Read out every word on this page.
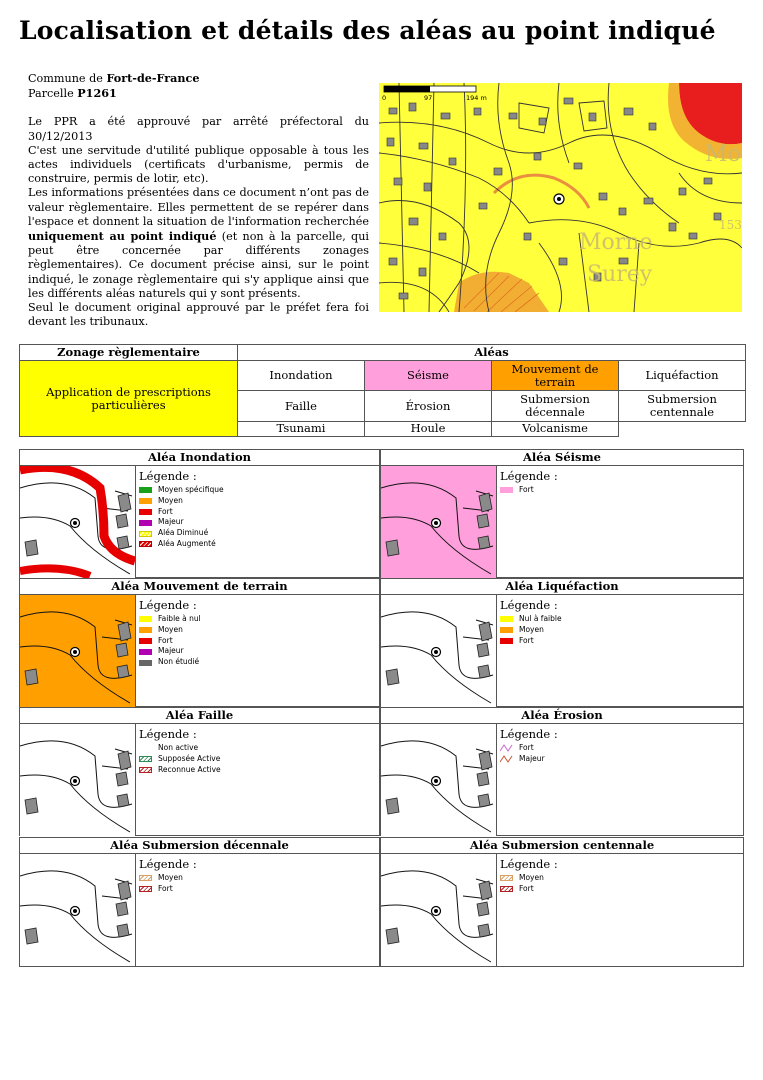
Localisation et détails des aléas au point indiqué

Commune de Fort-de-France

Parcelle P1261

Le PPR a été approuvé par arrêté préfectoral du 30/12/2013

C'est une servitude d'utilité publique opposable à tous les actes individuels (certificats d'urbanisme, permis de construire, permis de lotir, etc).

Les informations présentées dans ce document n’ont pas de valeur règlementaire. Elles permettent de se repérer dans l'espace et donnent la situation de l'information recherchée uniquement au point indiqué (et non à la parcelle, qui peut être concernée par différents zonages règlementaires). Ce document précise ainsi, sur le point indiqué, le zonage règlementaire qui s'y applique ainsi que les différents aléas naturels qui y sont présents.

Seul le document original approuvé par le préfet fera foi devant les tribunaux.

Mo
Morne
Surey
153
0	97	194 m
Zonage règlementaire	Aléas			
Application de prescriptions particulières	Inondation	Séisme	Mouvement de terrain	Liquéfaction
	Faille	Érosion	Submersion décennale	Submersion centennale
	Tsunami	Houle	Volcanisme	
Aléa Inondation
Légende :
Moyen spécifique
Moyen
Fort
Majeur
Aléa Diminué
Aléa Augmenté
Aléa Séisme
Légende :
Fort
Aléa Mouvement de terrain
Légende :
Faible à nul
Moyen
Fort
Majeur
Non étudié
Aléa Liquéfaction
Légende :
Nul à faible
Moyen
Fort
Aléa Faille
Légende :
Non active
Supposée Active
Reconnue Active
Aléa Érosion
Légende :
Fort
Majeur
Aléa Submersion décennale
Légende :
Moyen
Fort
Aléa Submersion centennale
Légende :
Moyen
Fort
